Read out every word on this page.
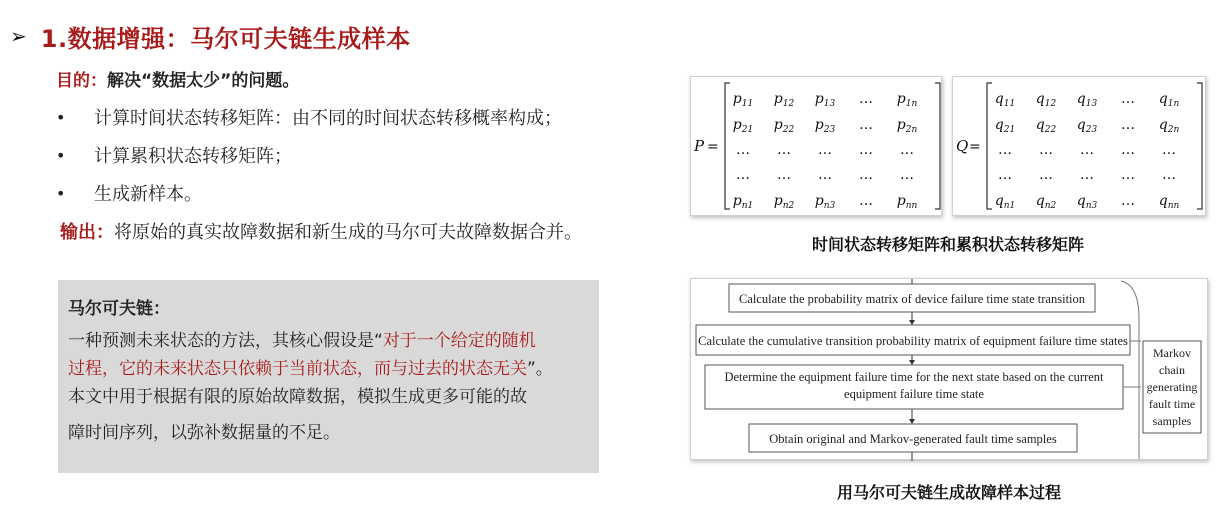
➢ 1.数据增强：马尔可夫链生成样本
目的：解决“数据太少”的问题。
•	计算时间状态转移矩阵：由不同的时间状态转移概率构成；
•	计算累积状态转移矩阵；
•	生成新样本。
输出：将原始的真实故障数据和新生成的马尔可夫故障数据合并。
马尔可夫链：
一种预测未来状态的方法，其核心假设是“对于一个给定的随机
过程，它的未来状态只依赖于当前状态，而与过去的状态无关”。
本文中用于根据有限的原始故障数据，模拟生成更多可能的故
障时间序列，以弥补数据量的不足。
P =
$p_{11}$ $p_{12}$ $p_{13}$ … $p_{1n}$
$p_{21}$ $p_{22}$ $p_{23}$ … $p_{2n}$
… … … … …
… … … … …
$p_{n1}$ $p_{n2}$ $p_{n3}$ … $p_{nn}$
Q =
$q_{11}$ $q_{12}$ $q_{13}$ … $q_{1n}$
$q_{21}$ $q_{22}$ $q_{23}$ … $q_{2n}$
… … … … …
… … … … …
$q_{n1}$ $q_{n2}$ $q_{n3}$ … $q_{nn}$
时间状态转移矩阵和累积状态转移矩阵
Calculate the probability matrix of device failure time state transition
Calculate the cumulative transition probability matrix of equipment failure time states
Determine the equipment failure time for the next state based on the current
equipment failure time state
Obtain original and Markov-generated fault time samples
Markov
chain
generating
fault time
samples
用马尔可夫链生成故障样本过程
